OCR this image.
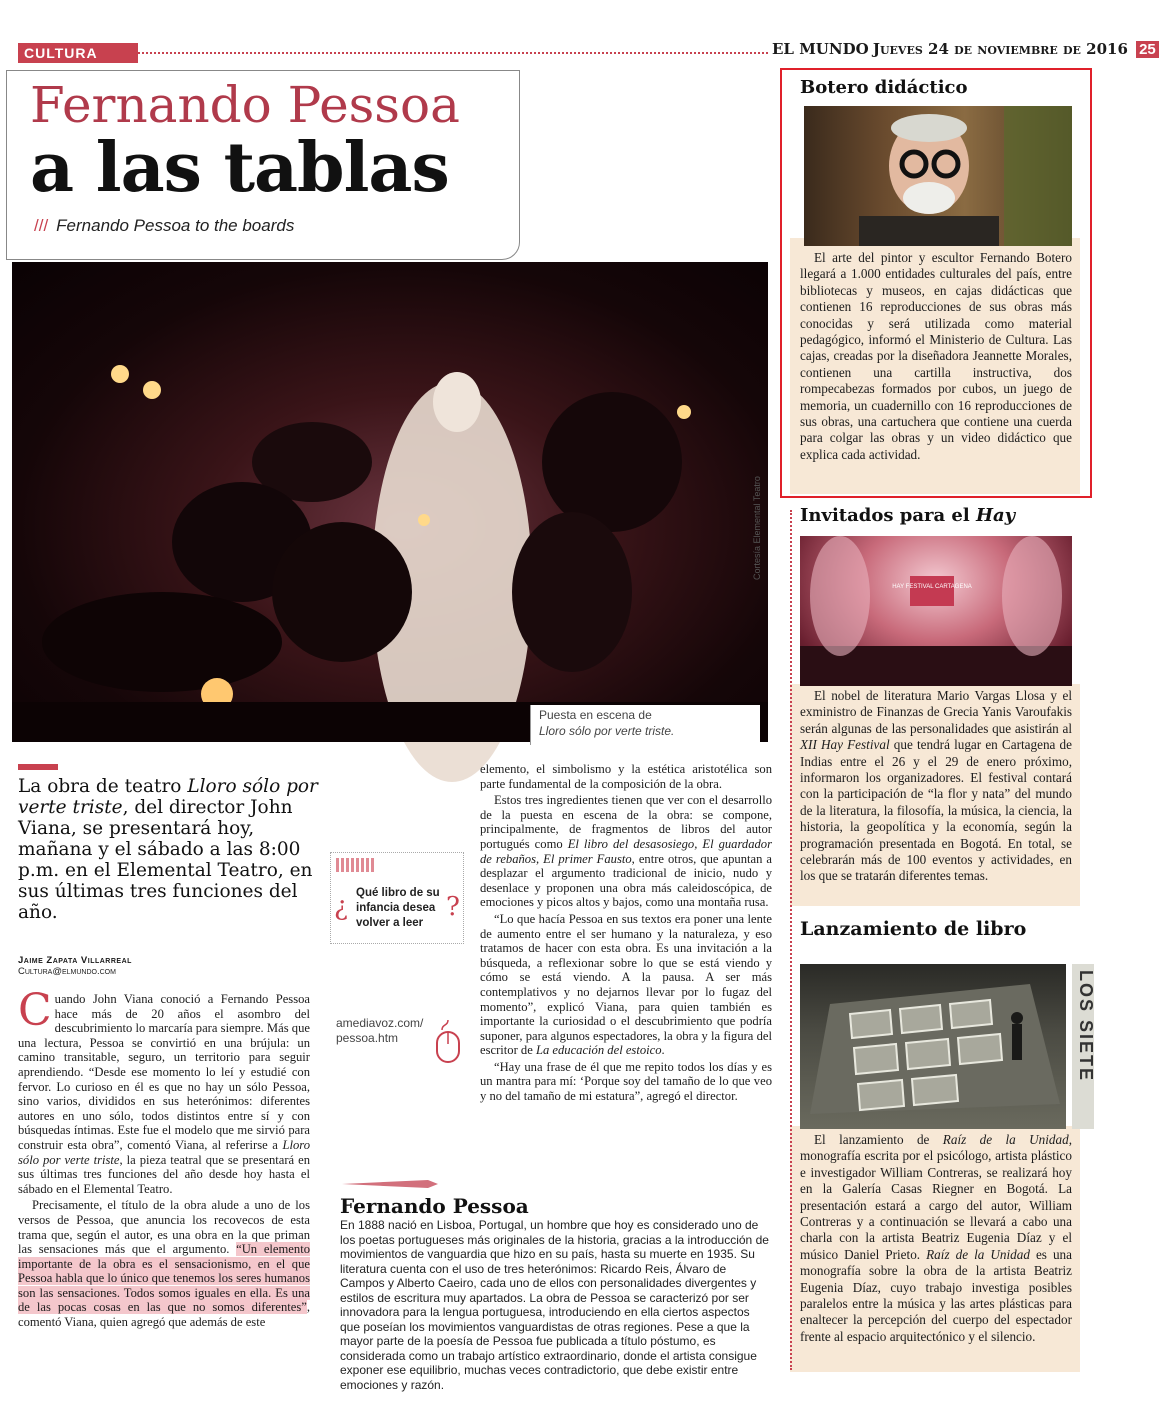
CULTURA	EL MUNDO Jueves 24 de noviembre de 2016 25
Fernando Pessoa
a las tablas
/// Fernando Pessoa to the boards
Cortesía Elemental Teatro
Puesta en escena de
Lloro sólo por verte triste.
La obra de teatro Lloro sólo por verte triste, del director John Viana, se presentará hoy, mañana y el sábado a las 8:00 p.m. en el Elemental Teatro, en sus últimas tres funciones del año.
Jaime Zapata Villarreal
Cultura@elmundo.com

Cuando John Viana conoció a Fernando Pessoa hace más de 20 años el asombro del descubrimiento lo marcaría para siempre. Más que una lectura, Pessoa se convirtió en una brújula: un camino transitable, seguro, un territorio para seguir aprendiendo. “Desde ese momento lo leí y estudié con fervor. Lo curioso en él es que no hay un sólo Pessoa, sino varios, divididos en sus heterónimos: diferentes autores en uno sólo, todos distintos entre sí y con búsquedas íntimas. Este fue el modelo que me sirvió para construir esta obra”, comentó Viana, al referirse a Lloro sólo por verte triste, la pieza teatral que se presentará en sus últimas tres funciones del año desde hoy hasta el sábado en el Elemental Teatro.

Precisamente, el título de la obra alude a uno de los versos de Pessoa, que anuncia los recovecos de esta trama que, según el autor, es una obra en la que priman las sensaciones más que el argumento. “Un elemento importante de la obra es el sensacionismo, en el que Pessoa habla que lo único que tenemos los seres humanos son las sensaciones. Todos somos iguales en ella. Es una de las pocas cosas en las que no somos diferentes”, comentó Viana, quien agregó que además de este

elemento, el simbolismo y la estética aristotélica son parte fundamental de la composición de la obra.

Estos tres ingredientes tienen que ver con el desarrollo de la puesta en escena de la obra: se compone, principalmente, de fragmentos de libros del autor portugués como El libro del desasosiego, El guardador de rebaños, El primer Fausto, entre otros, que apuntan a desplazar el argumento tradicional de inicio, nudo y desenlace y proponen una obra más caleidoscópica, de emociones y picos altos y bajos, como una montaña rusa.

“Lo que hacía Pessoa en sus textos era poner una lente de aumento entre el ser humano y la naturaleza, y eso tratamos de hacer con esta obra. Es una invitación a la búsqueda, a reflexionar sobre lo que se está viendo y cómo se está viendo. A la pausa. A ser más contemplativos y no dejarnos llevar por lo fugaz del momento”, explicó Viana, para quien también es importante la curiosidad o el descubrimiento que podría suponer, para algunos espectadores, la obra y la figura del escritor de La educación del estoico.

“Hay una frase de él que me repito todos los días y es un mantra para mí: ‘Porque soy del tamaño de lo que veo y no del tamaño de mi estatura”, agregó el director.

¿ Qué libro de su infancia desea volver a leer
?
amediavoz.com/
pessoa.htm
Fernando Pessoa
En 1888 nació en Lisboa, Portugal, un hombre que hoy es considerado uno de los poetas portugueses más originales de la historia, gracias a la introducción de movimientos de vanguardia que hizo en su país, hasta su muerte en 1935. Su literatura cuenta con el uso de tres heterónimos: Ricardo Reis, Álvaro de Campos y Alberto Caeiro, cada uno de ellos con personalidades divergentes y estilos de escritura muy apartados. La obra de Pessoa se caracterizó por ser innovadora para la lengua portuguesa, introduciendo en ella ciertos aspectos que poseían los movimientos vanguardistas de otras regiones. Pese a que la mayor parte de la poesía de Pessoa fue publicada a título póstumo, es considerada como un trabajo artístico extraordinario, donde el artista consigue exponer ese equilibrio, muchas veces contradictorio, que debe existir entre emociones y razón.
Botero didáctico

El arte del pintor y escultor Fernando Botero llegará a 1.000 entidades culturales del país, entre bibliotecas y museos, en cajas didácticas que contienen 16 reproducciones de sus obras más conocidas y será utilizada como material pedagógico, informó el Ministerio de Cultura. Las cajas, creadas por la diseñadora Jeannette Morales, contienen una cartilla instructiva, dos rompecabezas formados por cubos, un juego de memoria, un cuadernillo con 16 reproducciones de sus obras, una cartuchera que contiene una cuerda para colgar las obras y un video didáctico que explica cada actividad.

Invitados para el Hay
HAY FESTIVAL CARTAGENA

El nobel de literatura Mario Vargas Llosa y el exministro de Finanzas de Grecia Yanis Varoufakis serán algunas de las personalidades que asistirán al XII Hay Festival que tendrá lugar en Cartagena de Indias entre el 26 y el 29 de enero próximo, informaron los organizadores. El festival contará con la participación de “la flor y nata” del mundo de la literatura, la filosofía, la música, la ciencia, la historia, la geopolítica y la economía, según la programación presentada en Bogotá. En total, se celebrarán más de 100 eventos y actividades, en los que se tratarán diferentes temas.

Lanzamiento de libro
LOS SIETE

El lanzamiento de Raíz de la Unidad, monografía escrita por el psicólogo, artista plástico e investigador William Contreras, se realizará hoy en la Galería Casas Riegner en Bogotá. La presentación estará a cargo del autor, William Contreras y a continuación se llevará a cabo una charla con la artista Beatriz Eugenia Díaz y el músico Daniel Prieto. Raíz de la Unidad es una monografía sobre la obra de la artista Beatriz Eugenia Díaz, cuyo trabajo investiga posibles paralelos entre la música y las artes plásticas para enaltecer la percepción del cuerpo del espectador frente al espacio arquitectónico y el silencio.
